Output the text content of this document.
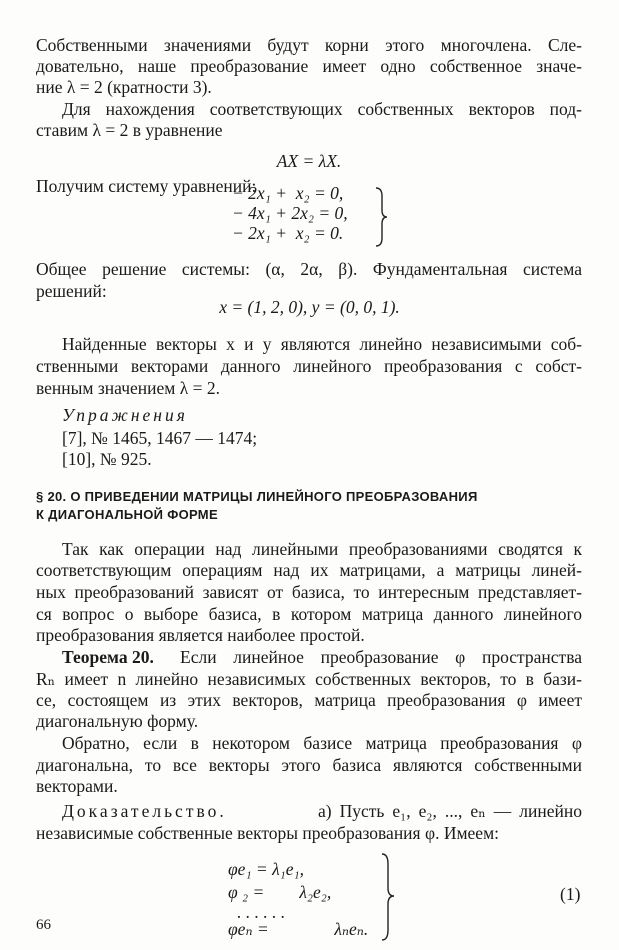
Собственными значениями будут корни этого многочлена. Сле-
довательно, наше преобразование имеет одно собственное значе-
ние λ = 2 (кратности 3).
Для нахождения соответствующих собственных векторов под-
ставим λ = 2 в уравнение
AX = λX.
Получим систему уравнений:
− 2x₁ +  x₂ = 0,
− 4x₁ + 2x₂ = 0,
− 2x₁ +  x₂ = 0.
Общее решение системы: (α, 2α, β). Фундаментальная система
решений:
x = (1, 2, 0), y = (0, 0, 1).
Найденные векторы x и y являются линейно независимыми соб-
ственными векторами данного линейного преобразования с собст-
венным значением λ = 2.
Упражнения
[7], № 1465, 1467 — 1474;
[10], № 925.
§ 20. О ПРИВЕДЕНИИ МАТРИЦЫ ЛИНЕЙНОГО ПРЕОБРАЗОВАНИЯ
К ДИАГОНАЛЬНОЙ ФОРМЕ
Так как операции над линейными преобразованиями сводятся к
соответствующим операциям над их матрицами, а матрицы линей-
ных преобразований зависят от базиса, то интересным представляет-
ся вопрос о выборе базиса, в котором матрица данного линейного
преобразования является наиболее простой.
Теорема 20. Если линейное преобразование φ пространства
Rₙ имеет n линейно независимых собственных векторов, то в бази-
се, состоящем из этих векторов, матрица преобразования φ имеет
диагональную форму.
Обратно, если в некотором базисе матрица преобразования φ
диагональна, то все векторы этого базиса являются собственными
векторами.
Доказательство.	а) Пусть e₁, e₂, ..., eₙ — линейно
независимые собственные векторы преобразования φ. Имеем:
φe₁ = λ₁e₁,
φ ₂ =        λ₂e₂,
. . . . . .
φeₙ =               λₙeₙ.
(1)
66
